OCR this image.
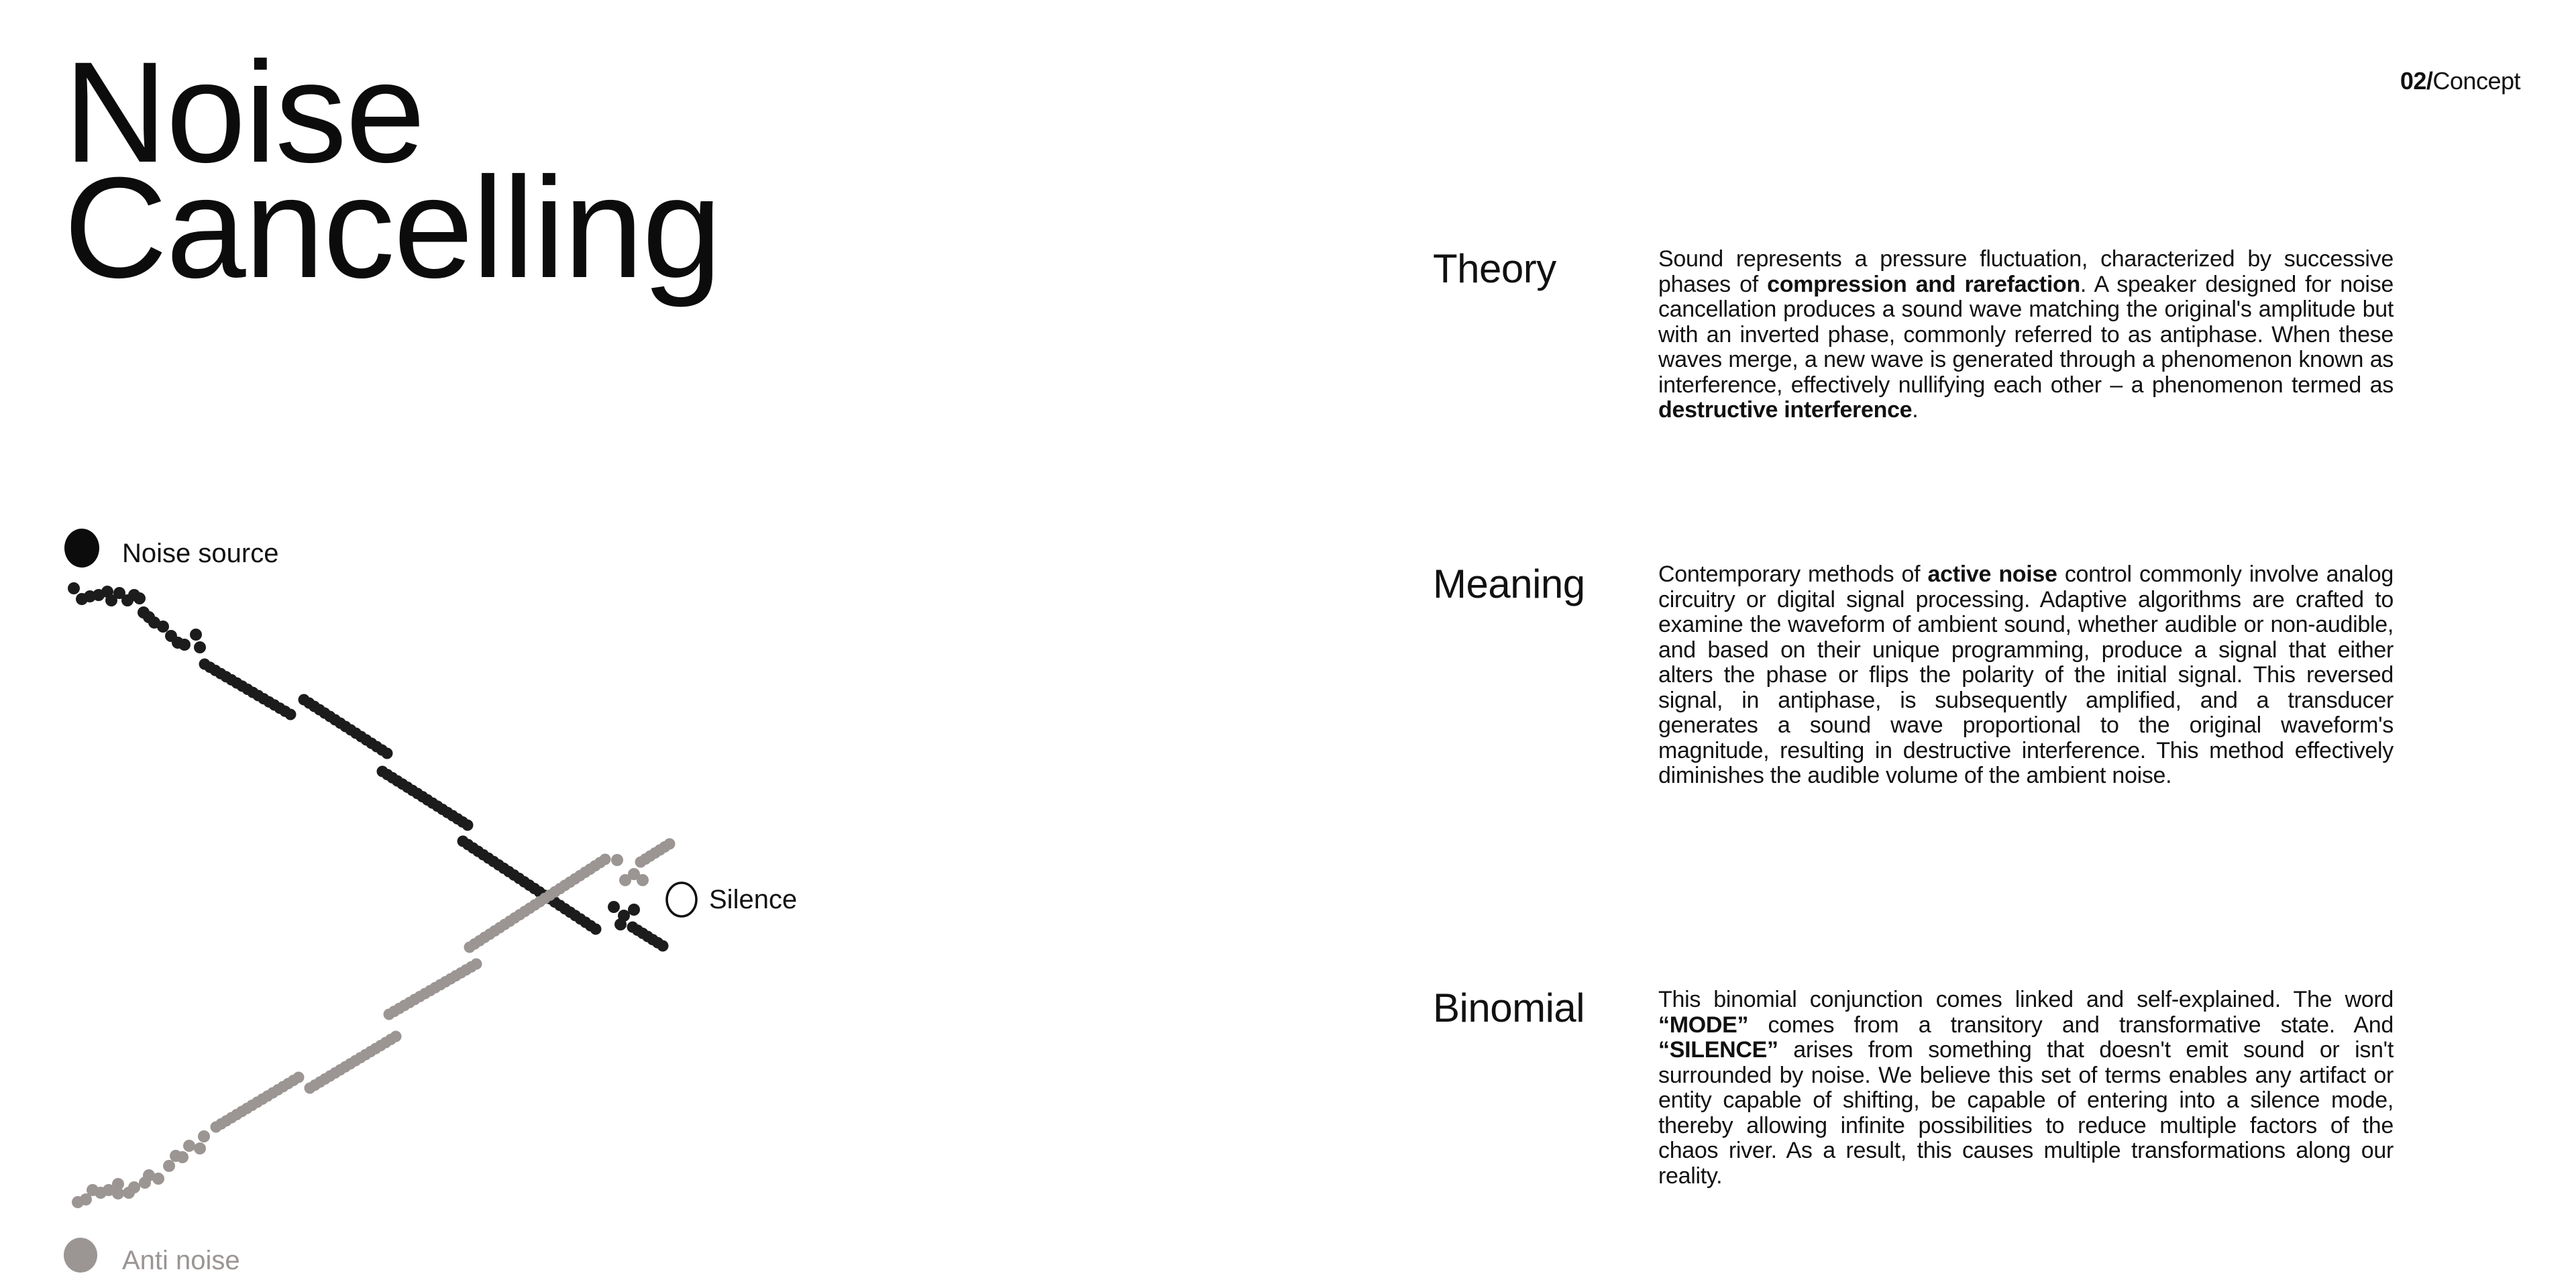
02/Concept
Noise
Cancelling
Noise source
Silence
Anti noise
Theory	Sound represents a pressure fluctuation, characterized by successive phases of compression and rarefaction. A speaker designed for noise cancellation produces a sound wave matching the original's amplitude but with an inverted phase, commonly referred to as antiphase. When these waves merge, a new wave is generated through a phenomenon known as interference, effectively nullifying each other – a phenomenon termed as destructive interference.

Meaning	Contemporary methods of active noise control commonly involve analog circuitry or digital signal processing. Adaptive algorithms are crafted to examine the waveform of ambient sound, whether audible or non-audible, and based on their unique programming, produce a signal that either alters the phase or flips the polarity of the initial signal. This reversed signal, in antiphase, is subsequently amplified, and a transducer generates a sound wave proportional to the original waveform's magnitude, resulting in destructive interference. This method effectively diminishes the audible volume of the ambient noise.

Binomial	This binomial conjunction comes linked and self-explained. The word “MODE” comes from a transitory and transformative state. And “SILENCE” arises from something that doesn't emit sound or isn't surrounded by noise. We believe this set of terms enables any artifact or entity capable of shifting, be capable of entering into a silence mode, thereby allowing infinite possibilities to reduce multiple factors of the chaos river. As a result, this causes multiple transformations along our reality.
